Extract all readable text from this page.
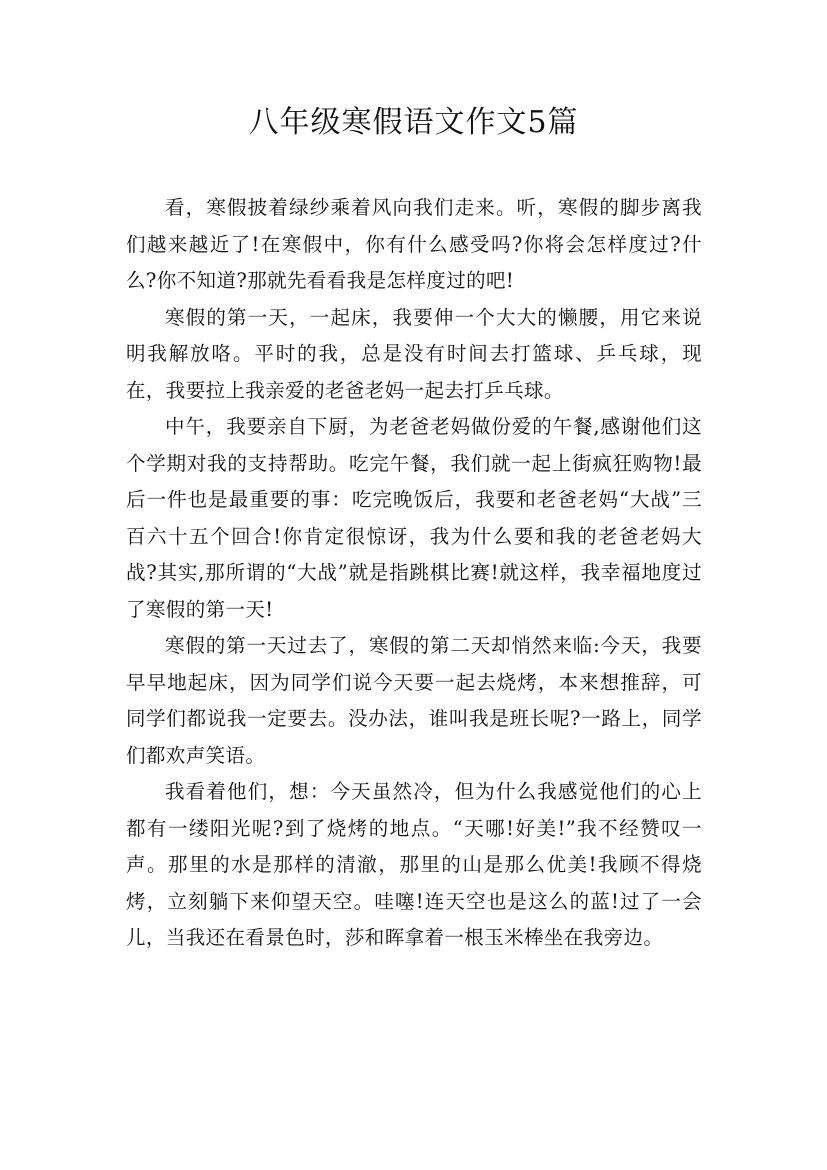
八年级寒假语文作文5篇

看，寒假披着绿纱乘着风向我们走来。听，寒假的脚步离我们越来越近了!在寒假中，你有什么感受吗?你将会怎样度过?什么?你不知道?那就先看看我是怎样度过的吧!

寒假的第一天，一起床，我要伸一个大大的懒腰，用它来说明我解放咯。平时的我，总是没有时间去打篮球、乒乓球，现在，我要拉上我亲爱的老爸老妈一起去打乒乓球。

中午，我要亲自下厨，为老爸老妈做份爱的午餐,感谢他们这个学期对我的支持帮助。吃完午餐，我们就一起上街疯狂购物!最后一件也是最重要的事：吃完晚饭后，我要和老爸老妈“大战”三百六十五个回合!你肯定很惊讶，我为什么要和我的老爸老妈大战?其实,那所谓的“大战”就是指跳棋比赛!就这样，我幸福地度过了寒假的第一天!

寒假的第一天过去了，寒假的第二天却悄然来临:今天，我要早早地起床，因为同学们说今天要一起去烧烤，本来想推辞，可同学们都说我一定要去。没办法，谁叫我是班长呢?一路上，同学们都欢声笑语。

我看着他们，想：今天虽然冷，但为什么我感觉他们的心上都有一缕阳光呢?到了烧烤的地点。“天哪!好美!”我不经赞叹一声。那里的水是那样的清澈，那里的山是那么优美!我顾不得烧烤，立刻躺下来仰望天空。哇噻!连天空也是这么的蓝!过了一会儿，当我还在看景色时，莎和晖拿着一根玉米棒坐在我旁边。
